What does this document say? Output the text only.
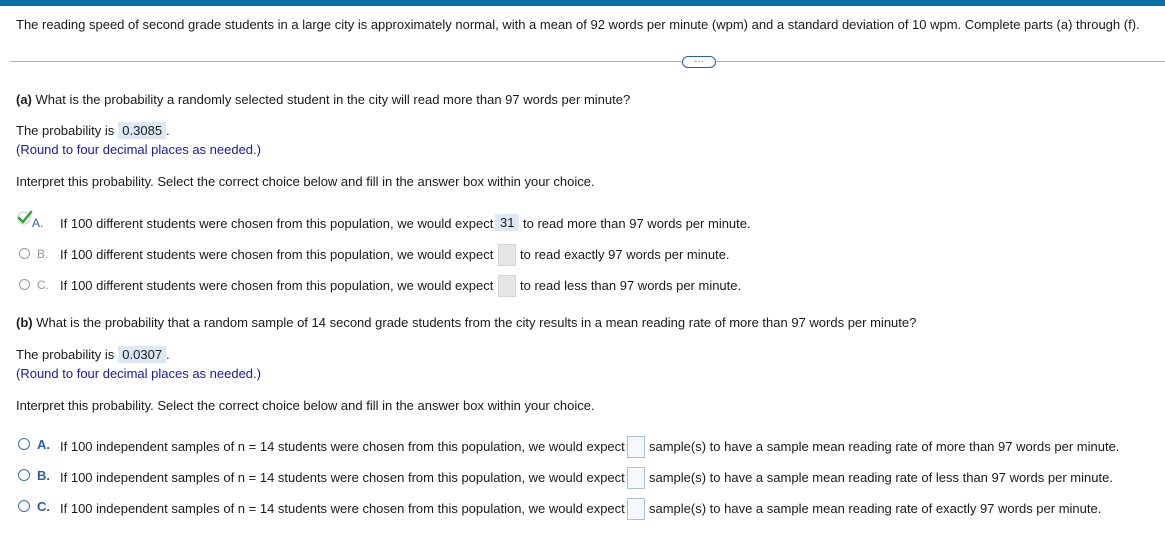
The reading speed of second grade students in a large city is approximately normal, with a mean of 92 words per minute (wpm) and a standard deviation of 10 wpm. Complete parts (a) through (f).
…
(a) What is the probability a randomly selected student in the city will read more than 97 words per minute?
The probability is 0.3085 .
(Round to four decimal places as needed.)
Interpret this probability. Select the correct choice below and fill in the answer box within your choice.
A. If 100 different students were chosen from this population, we would expect 31 to read more than 97 words per minute.
B. If 100 different students were chosen from this population, we would expect to read exactly 97 words per minute.
C. If 100 different students were chosen from this population, we would expect to read less than 97 words per minute.
(b) What is the probability that a random sample of 14 second grade students from the city results in a mean reading rate of more than 97 words per minute?
The probability is 0.0307 .
(Round to four decimal places as needed.)
Interpret this probability. Select the correct choice below and fill in the answer box within your choice.
A. If 100 independent samples of n = 14 students were chosen from this population, we would expect sample(s) to have a sample mean reading rate of more than 97 words per minute.
B. If 100 independent samples of n = 14 students were chosen from this population, we would expect sample(s) to have a sample mean reading rate of less than 97 words per minute.
C. If 100 independent samples of n = 14 students were chosen from this population, we would expect sample(s) to have a sample mean reading rate of exactly 97 words per minute.
